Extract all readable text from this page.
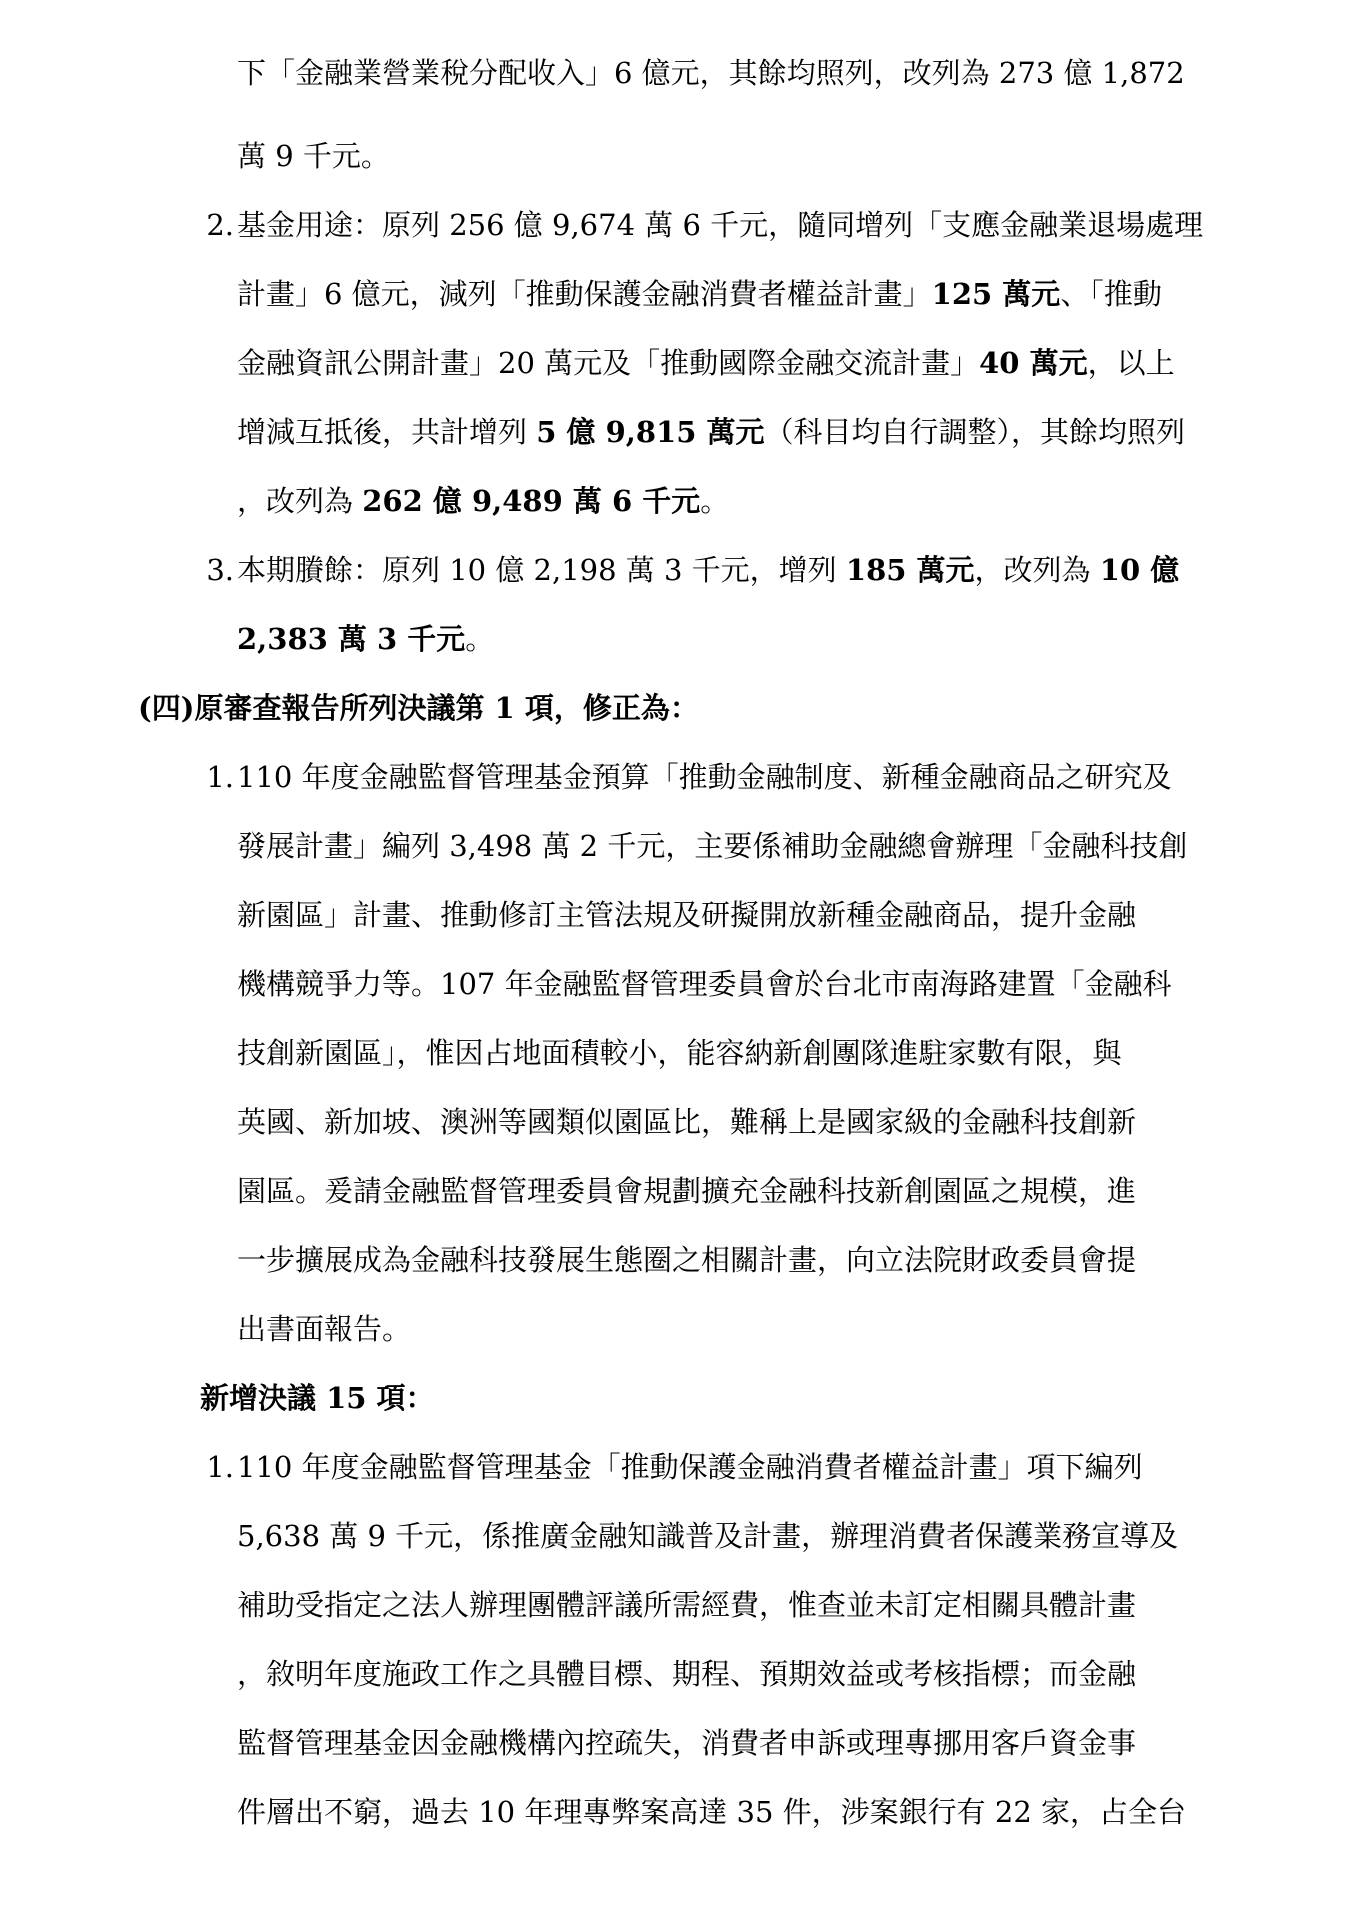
下「金融業營業稅分配收入」6 億元，其餘均照列，改列為 273 億 1,872
萬 9 千元。
2. 基金用途：原列 256 億 9,674 萬 6 千元，隨同增列「支應金融業退場處理
計畫」6 億元，減列「推動保護金融消費者權益計畫」125 萬元、「推動
金融資訊公開計畫」20 萬元及「推動國際金融交流計畫」40 萬元，以上
增減互抵後，共計增列 5 億 9,815 萬元（科目均自行調整），其餘均照列
，改列為 262 億 9,489 萬 6 千元。
3. 本期賸餘：原列 10 億 2,198 萬 3 千元，增列 185 萬元，改列為 10 億
2,383 萬 3 千元。
(四)原審查報告所列決議第 1 項，修正為：
1. 110 年度金融監督管理基金預算「推動金融制度、新種金融商品之研究及
發展計畫」編列 3,498 萬 2 千元，主要係補助金融總會辦理「金融科技創
新園區」計畫、推動修訂主管法規及研擬開放新種金融商品，提升金融
機構競爭力等。107 年金融監督管理委員會於台北市南海路建置「金融科
技創新園區」，惟因占地面積較小，能容納新創團隊進駐家數有限，與
英國、新加坡、澳洲等國類似園區比，難稱上是國家級的金融科技創新
園區。爰請金融監督管理委員會規劃擴充金融科技新創園區之規模，進
一步擴展成為金融科技發展生態圈之相關計畫，向立法院財政委員會提
出書面報告。
新增決議 15 項：
1. 110 年度金融監督管理基金「推動保護金融消費者權益計畫」項下編列
5,638 萬 9 千元，係推廣金融知識普及計畫，辦理消費者保護業務宣導及
補助受指定之法人辦理團體評議所需經費，惟查並未訂定相關具體計畫
，敘明年度施政工作之具體目標、期程、預期效益或考核指標；而金融
監督管理基金因金融機構內控疏失，消費者申訴或理專挪用客戶資金事
件層出不窮，過去 10 年理專弊案高達 35 件，涉案銀行有 22 家，占全台
